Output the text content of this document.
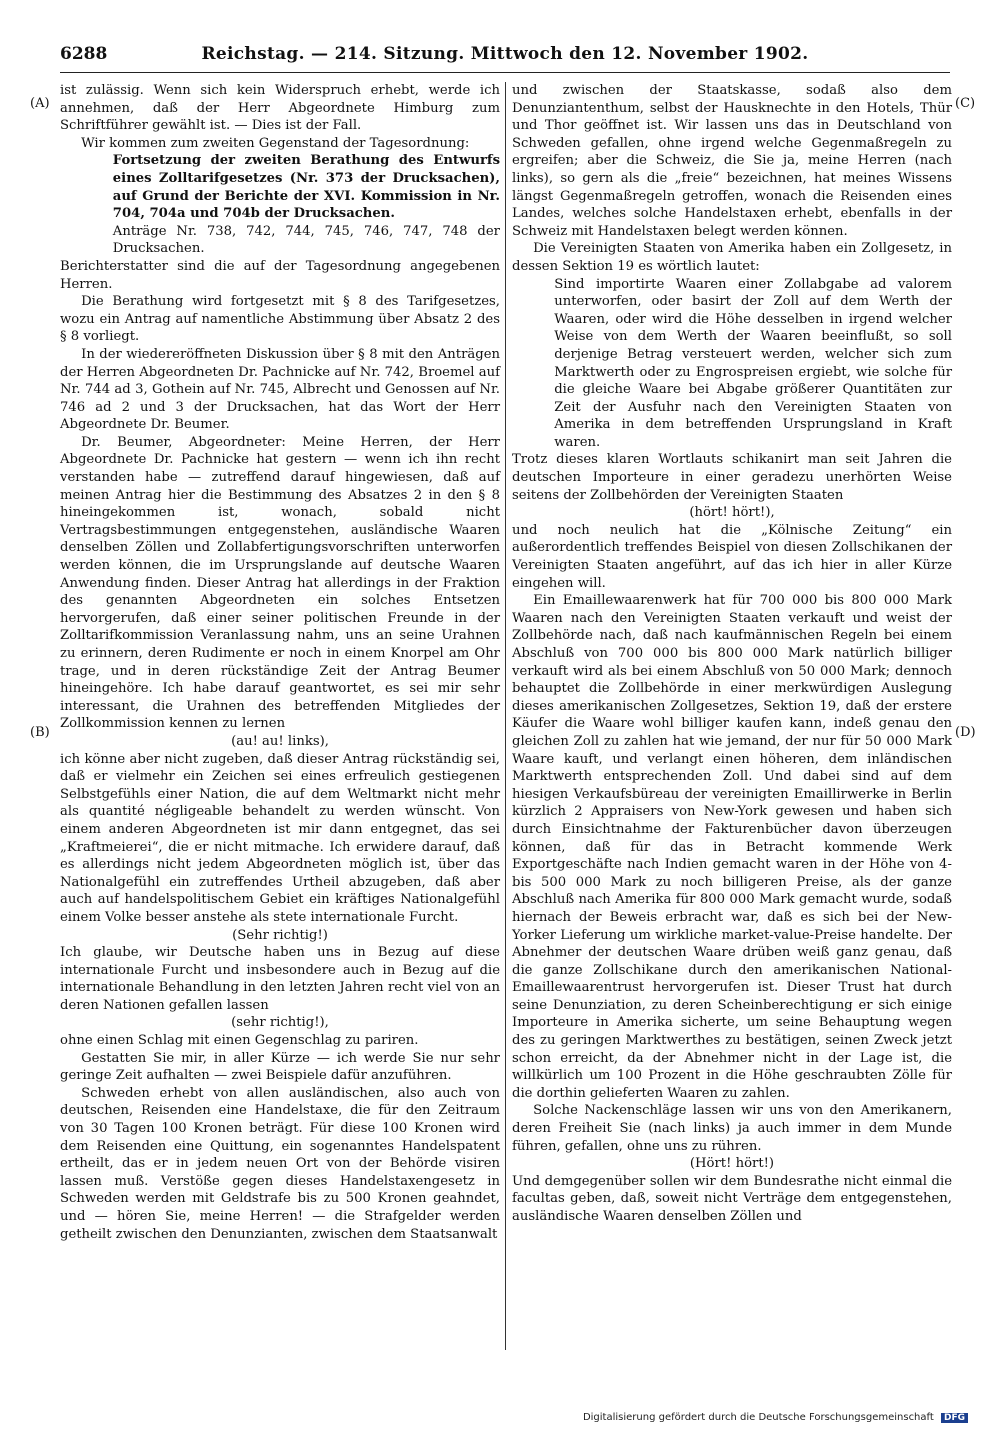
6288	Reichstag. — 214. Sitzung. Mittwoch den 12. November 1902.
(A)
(B)
(C)
(D)

ist zulässig. Wenn sich kein Widerspruch erhebt, werde ich annehmen, daß der Herr Abgeordnete Himburg zum Schriftführer gewählt ist. — Dies ist der Fall.

Wir kommen zum zweiten Gegenstand der Tagesordnung:

Fortsetzung der zweiten Berathung des Entwurfs eines Zolltarifgesetzes (Nr. 373 der Drucksachen), auf Grund der Berichte der XVI. Kommission in Nr. 704, 704a und 704b der Drucksachen.

Anträge Nr. 738, 742, 744, 745, 746, 747, 748 der Drucksachen.

Berichterstatter sind die auf der Tagesordnung angegebenen Herren.

Die Berathung wird fortgesetzt mit § 8 des Tarifgesetzes, wozu ein Antrag auf namentliche Abstimmung über Absatz 2 des § 8 vorliegt.

In der wiedereröffneten Diskussion über § 8 mit den Anträgen der Herren Abgeordneten Dr. Pachnicke auf Nr. 742, Broemel auf Nr. 744 ad 3, Gothein auf Nr. 745, Albrecht und Genossen auf Nr. 746 ad 2 und 3 der Drucksachen, hat das Wort der Herr Abgeordnete Dr. Beumer.

Dr. Beumer, Abgeordneter: Meine Herren, der Herr Abgeordnete Dr. Pachnicke hat gestern — wenn ich ihn recht verstanden habe — zutreffend darauf hingewiesen, daß auf meinen Antrag hier die Bestimmung des Absatzes 2 in den § 8 hineingekommen ist, wonach, sobald nicht Vertragsbestimmungen entgegenstehen, ausländische Waaren denselben Zöllen und Zollabfertigungsvorschriften unterworfen werden können, die im Ursprungslande auf deutsche Waaren Anwendung finden. Dieser Antrag hat allerdings in der Fraktion des genannten Abgeordneten ein solches Entsetzen hervorgerufen, daß einer seiner politischen Freunde in der Zolltarifkommission Veranlassung nahm, uns an seine Urahnen zu erinnern, deren Rudimente er noch in einem Knorpel am Ohr trage, und in deren rückständige Zeit der Antrag Beumer hineingehöre. Ich habe darauf geantwortet, es sei mir sehr interessant, die Urahnen des betreffenden Mitgliedes der Zollkommission kennen zu lernen

(au! au! links),

ich könne aber nicht zugeben, daß dieser Antrag rückständig sei, daß er vielmehr ein Zeichen sei eines erfreulich gestiegenen Selbstgefühls einer Nation, die auf dem Weltmarkt nicht mehr als quantité négligeable behandelt zu werden wünscht. Von einem anderen Abgeordneten ist mir dann entgegnet, das sei „Kraftmeierei“, die er nicht mitmache. Ich erwidere darauf, daß es allerdings nicht jedem Abgeordneten möglich ist, über das Nationalgefühl ein zutreffendes Urtheil abzugeben, daß aber auch auf handelspolitischem Gebiet ein kräftiges Nationalgefühl einem Volke besser anstehe als stete internationale Furcht.

(Sehr richtig!)

Ich glaube, wir Deutsche haben uns in Bezug auf diese internationale Furcht und insbesondere auch in Bezug auf die internationale Behandlung in den letzten Jahren recht viel von an deren Nationen gefallen lassen

(sehr richtig!),

ohne einen Schlag mit einen Gegenschlag zu pariren.

Gestatten Sie mir, in aller Kürze — ich werde Sie nur sehr geringe Zeit aufhalten — zwei Beispiele dafür anzuführen.

Schweden erhebt von allen ausländischen, also auch von deutschen, Reisenden eine Handelstaxe, die für den Zeitraum von 30 Tagen 100 Kronen beträgt. Für diese 100 Kronen wird dem Reisenden eine Quittung, ein sogenanntes Handelspatent ertheilt, das er in jedem neuen Ort von der Behörde visiren lassen muß. Verstöße gegen dieses Handelstaxengesetz in Schweden werden mit Geldstrafe bis zu 500 Kronen geahndet, und — hören Sie, meine Herren! — die Strafgelder werden getheilt zwischen den Denunzianten, zwischen dem Staatsanwalt

und zwischen der Staatskasse, sodaß also dem Denunziantenthum, selbst der Hausknechte in den Hotels, Thür und Thor geöffnet ist. Wir lassen uns das in Deutschland von Schweden gefallen, ohne irgend welche Gegenmaßregeln zu ergreifen; aber die Schweiz, die Sie ja, meine Herren (nach links), so gern als die „freie“ bezeichnen, hat meines Wissens längst Gegenmaßregeln getroffen, wonach die Reisenden eines Landes, welches solche Handelstaxen erhebt, ebenfalls in der Schweiz mit Handelstaxen belegt werden können.

Die Vereinigten Staaten von Amerika haben ein Zollgesetz, in dessen Sektion 19 es wörtlich lautet:

Sind importirte Waaren einer Zollabgabe ad valorem unterworfen, oder basirt der Zoll auf dem Werth der Waaren, oder wird die Höhe desselben in irgend welcher Weise von dem Werth der Waaren beeinflußt, so soll derjenige Betrag versteuert werden, welcher sich zum Marktwerth oder zu Engrospreisen ergiebt, wie solche für die gleiche Waare bei Abgabe größerer Quantitäten zur Zeit der Ausfuhr nach den Vereinigten Staaten von Amerika in dem betreffenden Ursprungsland in Kraft waren.

Trotz dieses klaren Wortlauts schikanirt man seit Jahren die deutschen Importeure in einer geradezu unerhörten Weise seitens der Zollbehörden der Vereinigten Staaten

(hört! hört!),

und noch neulich hat die „Kölnische Zeitung“ ein außerordentlich treffendes Beispiel von diesen Zollschikanen der Vereinigten Staaten angeführt, auf das ich hier in aller Kürze eingehen will.

Ein Emaillewaarenwerk hat für 700 000 bis 800 000 Mark Waaren nach den Vereinigten Staaten verkauft und weist der Zollbehörde nach, daß nach kaufmännischen Regeln bei einem Abschluß von 700 000 bis 800 000 Mark natürlich billiger verkauft wird als bei einem Abschluß von 50 000 Mark; dennoch behauptet die Zollbehörde in einer merkwürdigen Auslegung dieses amerikanischen Zollgesetzes, Sektion 19, daß der erstere Käufer die Waare wohl billiger kaufen kann, indeß genau den gleichen Zoll zu zahlen hat wie jemand, der nur für 50 000 Mark Waare kauft, und verlangt einen höheren, dem inländischen Marktwerth entsprechenden Zoll. Und dabei sind auf dem hiesigen Verkaufsbüreau der vereinigten Emaillirwerke in Berlin kürzlich 2 Appraisers von New-York gewesen und haben sich durch Einsichtnahme der Fakturenbücher davon überzeugen können, daß für das in Betracht kommende Werk Exportgeschäfte nach Indien gemacht waren in der Höhe von 4- bis 500 000 Mark zu noch billigeren Preise, als der ganze Abschluß nach Amerika für 800 000 Mark gemacht wurde, sodaß hiernach der Beweis erbracht war, daß es sich bei der New-Yorker Lieferung um wirkliche market-value-Preise handelte. Der Abnehmer der deutschen Waare drüben weiß ganz genau, daß die ganze Zollschikane durch den amerikanischen National-Emaillewaarentrust hervorgerufen ist. Dieser Trust hat durch seine Denunziation, zu deren Scheinberechtigung er sich einige Importeure in Amerika sicherte, um seine Behauptung wegen des zu geringen Marktwerthes zu bestätigen, seinen Zweck jetzt schon erreicht, da der Abnehmer nicht in der Lage ist, die willkürlich um 100 Prozent in die Höhe geschraubten Zölle für die dorthin gelieferten Waaren zu zahlen.

Solche Nackenschläge lassen wir uns von den Amerikanern, deren Freiheit Sie (nach links) ja auch immer in dem Munde führen, gefallen, ohne uns zu rühren.

(Hört! hört!)

Und demgegenüber sollen wir dem Bundesrathe nicht einmal die facultas geben, daß, soweit nicht Verträge dem entgegenstehen, ausländische Waaren denselben Zöllen und

Digitalisierung gefördert durch die Deutsche Forschungsgemeinschaft DFG
